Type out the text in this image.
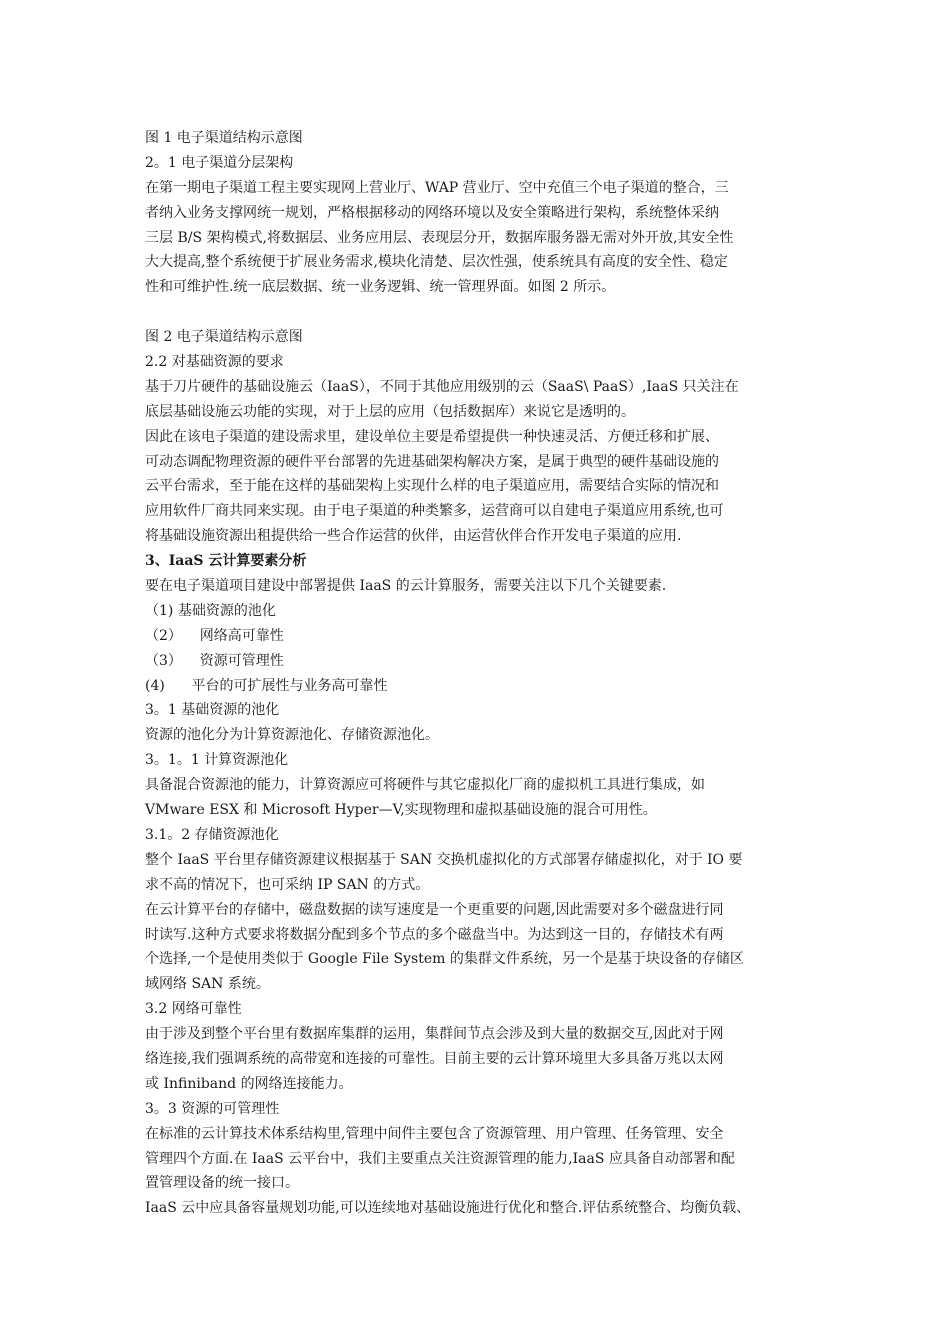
图 1 电子渠道结构示意图
2。1 电子渠道分层架构
在第一期电子渠道工程主要实现网上营业厅、WAP 营业厅、空中充值三个电子渠道的整合，三
者纳入业务支撑网统一规划，严格根据移动的网络环境以及安全策略进行架构，系统整体采纳
三层 B/S 架构模式,将数据层、业务应用层、表现层分开，数据库服务器无需对外开放,其安全性
大大提高,整个系统便于扩展业务需求,模块化清楚、层次性强，使系统具有高度的安全性、稳定
性和可维护性.统一底层数据、统一业务逻辑、统一管理界面。如图 2 所示。
图 2 电子渠道结构示意图
2.2 对基础资源的要求
基于刀片硬件的基础设施云（IaaS），不同于其他应用级别的云（SaaS\ PaaS）,IaaS 只关注在
底层基础设施云功能的实现，对于上层的应用（包括数据库）来说它是透明的。
因此在该电子渠道的建设需求里，建设单位主要是希望提供一种快速灵活、方便迁移和扩展、
可动态调配物理资源的硬件平台部署的先进基础架构解决方案，是属于典型的硬件基础设施的
云平台需求，至于能在这样的基础架构上实现什么样的电子渠道应用，需要结合实际的情况和
应用软件厂商共同来实现。由于电子渠道的种类繁多，运营商可以自建电子渠道应用系统,也可
将基础设施资源出租提供给一些合作运营的伙伴，由运营伙伴合作开发电子渠道的应用.
3、IaaS 云计算要素分析
要在电子渠道项目建设中部署提供 IaaS 的云计算服务，需要关注以下几个关键要素.
（1) 基础资源的池化
（2）    网络高可靠性
（3）    资源可管理性
(4)      平台的可扩展性与业务高可靠性
3。1 基础资源的池化
资源的池化分为计算资源池化、存储资源池化。
3。1。1 计算资源池化
具备混合资源池的能力，计算资源应可将硬件与其它虚拟化厂商的虚拟机工具进行集成，如
VMware ESX 和 Microsoft Hyper—V,实现物理和虚拟基础设施的混合可用性。
3.1。2 存储资源池化
整个 IaaS 平台里存储资源建议根据基于 SAN 交换机虚拟化的方式部署存储虚拟化，对于 IO 要
求不高的情况下，也可采纳 IP SAN 的方式。
在云计算平台的存储中，磁盘数据的读写速度是一个更重要的问题,因此需要对多个磁盘进行同
时读写.这种方式要求将数据分配到多个节点的多个磁盘当中。为达到这一目的，存储技术有两
个选择,一个是使用类似于 Google File System 的集群文件系统，另一个是基于块设备的存储区
域网络 SAN 系统。
3.2 网络可靠性
由于涉及到整个平台里有数据库集群的运用，集群间节点会涉及到大量的数据交互,因此对于网
络连接,我们强调系统的高带宽和连接的可靠性。目前主要的云计算环境里大多具备万兆以太网
或 Infiniband 的网络连接能力。
3。3 资源的可管理性
在标准的云计算技术体系结构里,管理中间件主要包含了资源管理、用户管理、任务管理、安全
管理四个方面.在 IaaS 云平台中，我们主要重点关注资源管理的能力,IaaS 应具备自动部署和配
置管理设备的统一接口。
IaaS 云中应具备容量规划功能,可以连续地对基础设施进行优化和整合.评估系统整合、均衡负载、
